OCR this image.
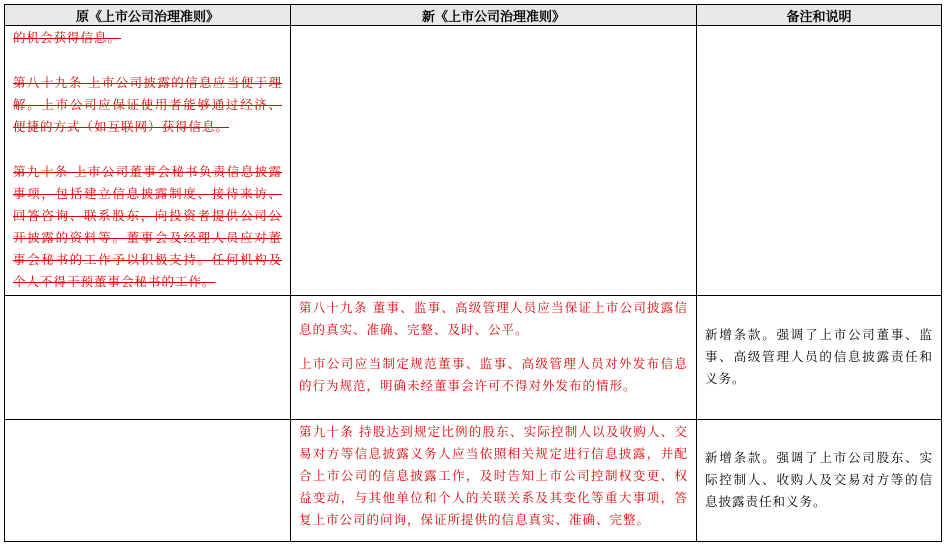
原《上市公司治理准则》	新《上市公司治理准则》	备注和说明

的机会获得信息。

第八十九条 上市公司披露的信息应当便于理解。上市公司应保证使用者能够通过经济、便捷的方式（如互联网）获得信息。

第九十条 上市公司董事会秘书负责信息披露事项，包括建立信息披露制度、接待来访、回答咨询、联系股东，向投资者提供公司公开披露的资料等。董事会及经理人员应对董事会秘书的工作予以积极支持。任何机构及个人不得干预董事会秘书的工作。		

	第八十九条 董事、监事、高级管理人员应当保证上市公司披露信息的真实、准确、完整、及时、公平。

上市公司应当制定规范董事、监事、高级管理人员对外发布信息的行为规范，明确未经董事会许可不得对外发布的情形。	新增条款。强调了上市公司董事、监事、高级管理人员的信息披露责任和义务。

	第九十条 持股达到规定比例的股东、实际控制人以及收购人、交易对方等信息披露义务人应当依照相关规定进行信息披露，并配合上市公司的信息披露工作，及时告知上市公司控制权变更、权益变动，与其他单位和个人的关联关系及其变化等重大事项，答复上市公司的问询，保证所提供的信息真实、准确、完整。	新增条款。强调了上市公司股东、实际控制人、收购人及交易对方等的信息披露责任和义务。
